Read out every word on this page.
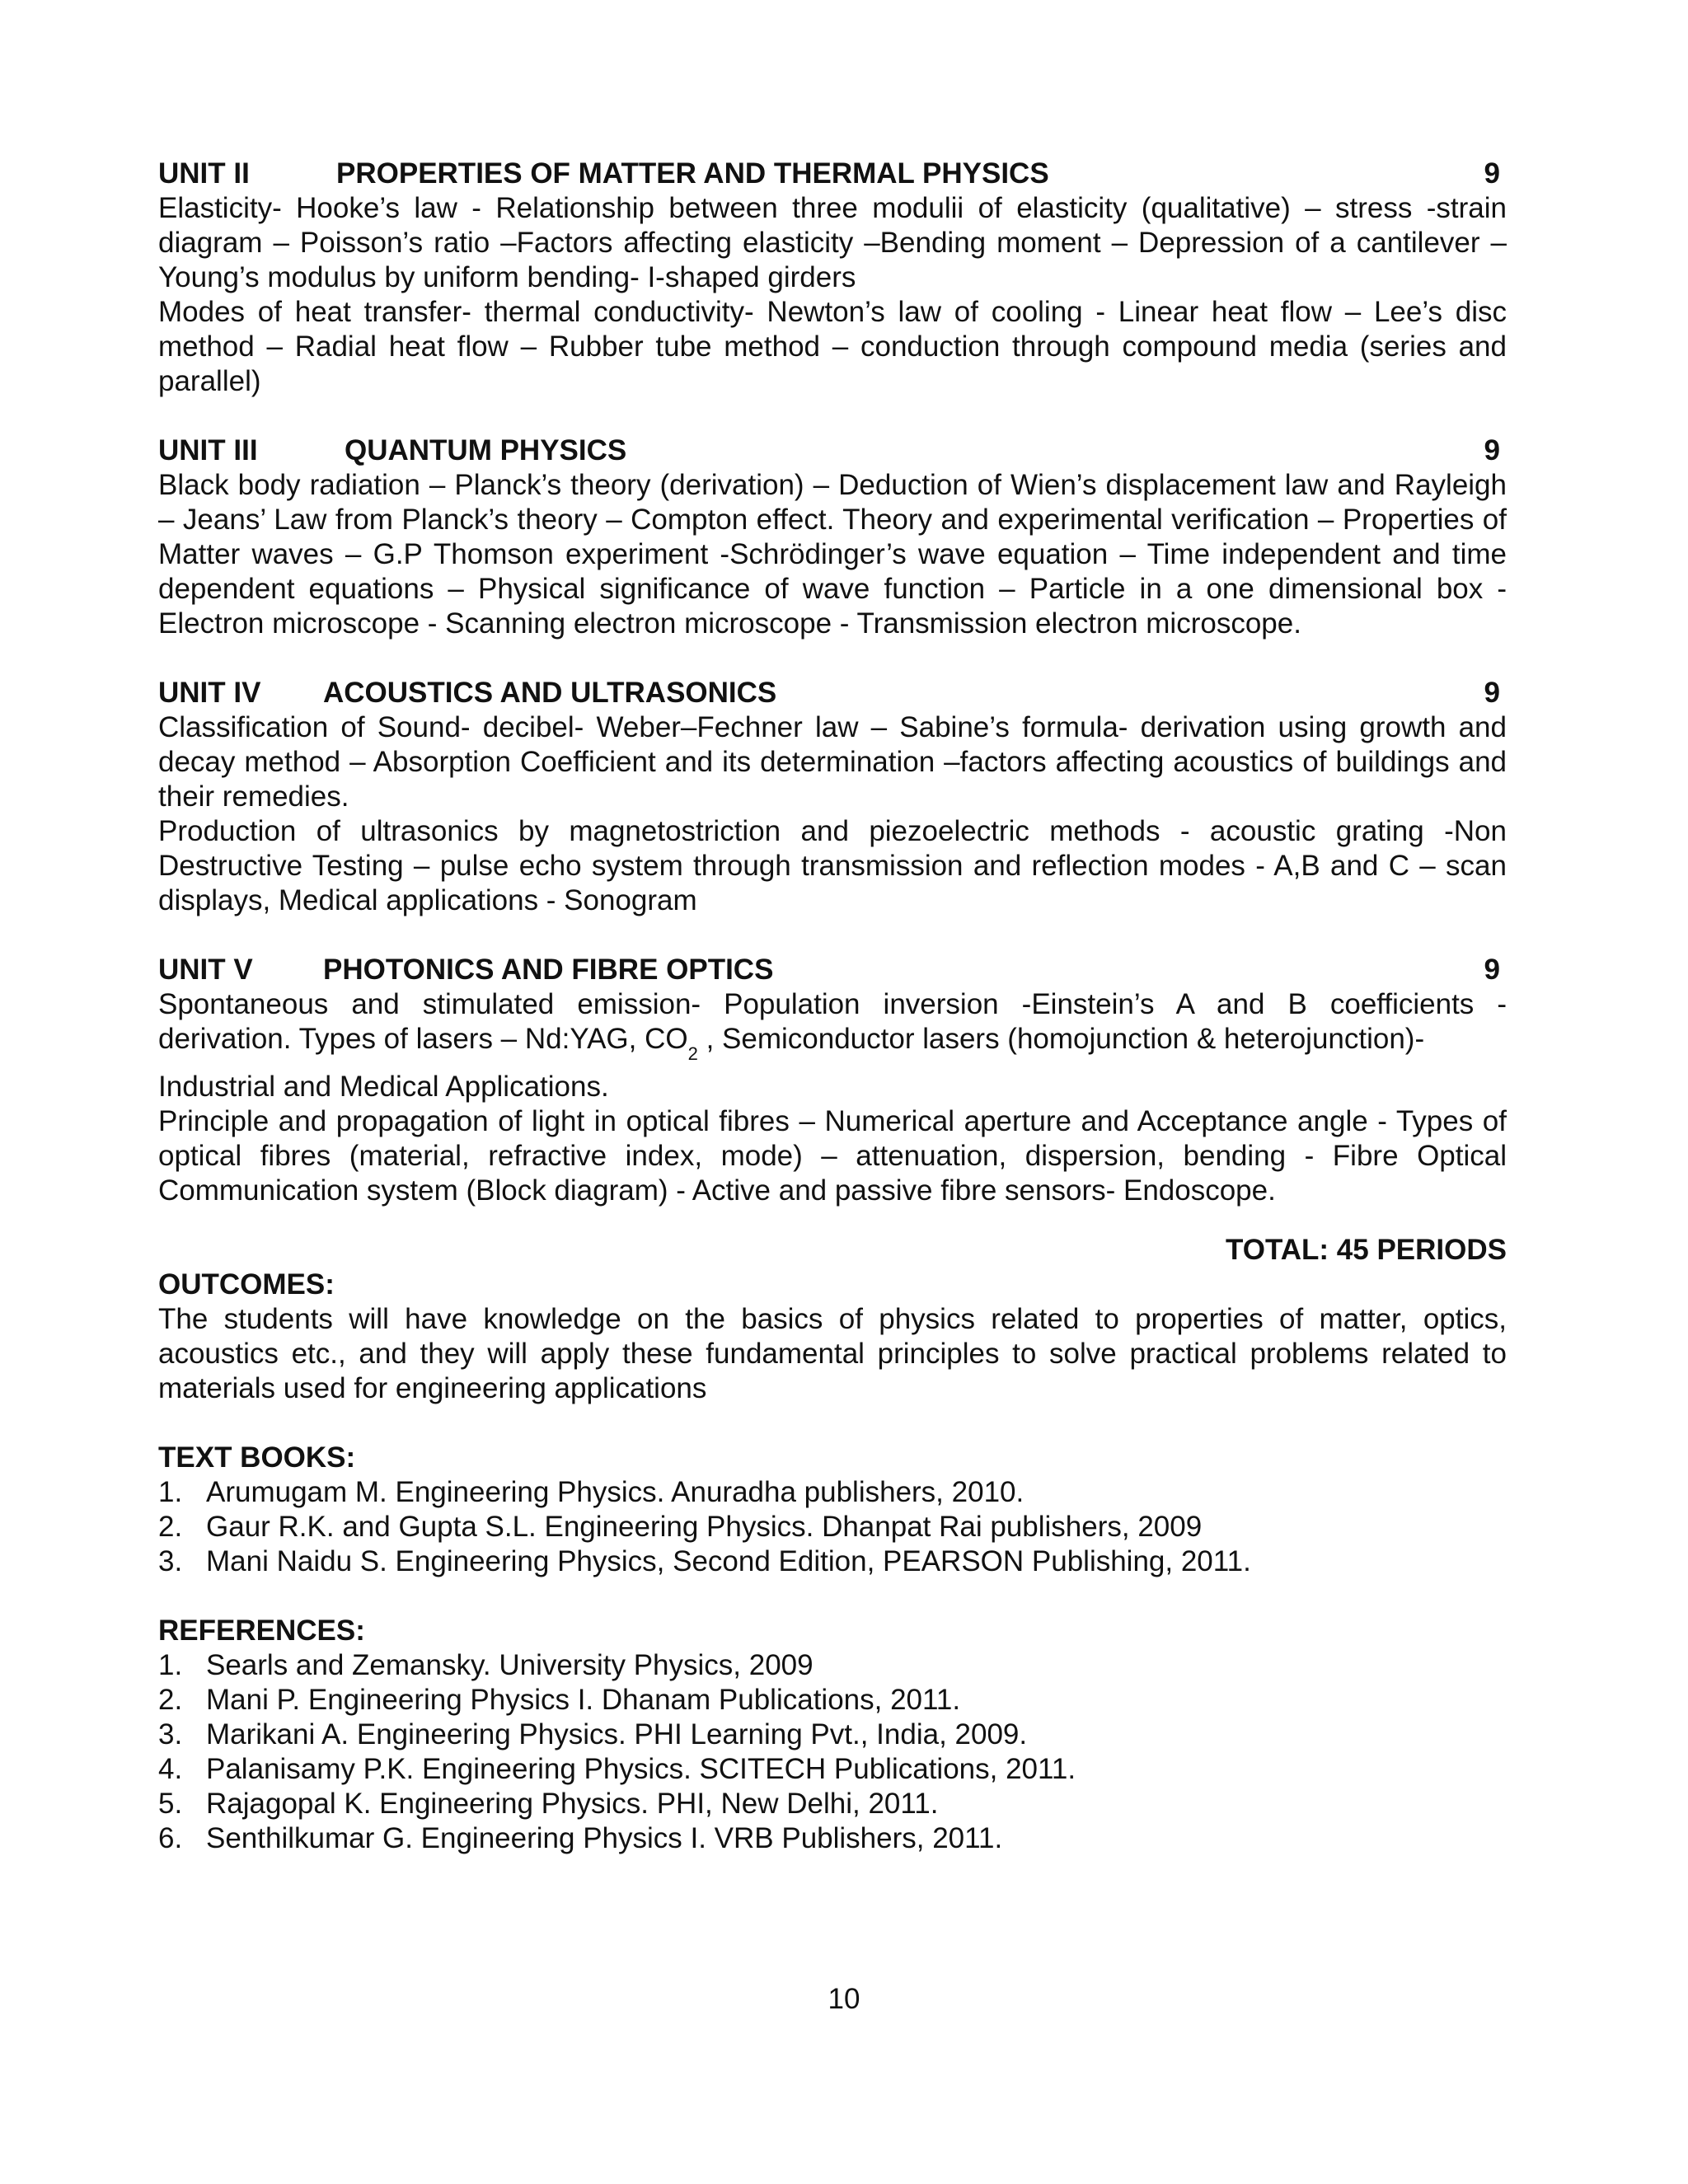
UNIT II	PROPERTIES OF MATTER AND THERMAL PHYSICS	9

Elasticity- Hooke’s law - Relationship between three modulii of elasticity (qualitative) – stress -strain diagram – Poisson’s ratio –Factors affecting elasticity –Bending moment – Depression of a cantilever –Young’s modulus by uniform bending- I-shaped girders

Modes of heat transfer- thermal conductivity- Newton’s law of cooling - Linear heat flow – Lee’s disc method – Radial heat flow – Rubber tube method – conduction through compound media (series and parallel)

UNIT III	QUANTUM PHYSICS	9

Black body radiation – Planck’s theory (derivation) – Deduction of Wien’s displacement law and Rayleigh – Jeans’ Law from Planck’s theory – Compton effect. Theory and experimental verification – Properties of Matter waves – G.P Thomson experiment -Schrödinger’s wave equation – Time independent and time dependent equations – Physical significance of wave function – Particle in a one dimensional box - Electron microscope - Scanning electron microscope - Transmission electron microscope.

UNIT IV ACOUSTICS AND ULTRASONICS	9

Classification of Sound- decibel- Weber–Fechner law – Sabine’s formula- derivation using growth and decay method – Absorption Coefficient and its determination –factors affecting acoustics of buildings and their remedies.

Production of ultrasonics by magnetostriction and piezoelectric methods - acoustic grating -Non Destructive Testing – pulse echo system through transmission and reflection modes - A,B and C – scan displays, Medical applications - Sonogram

UNIT V PHOTONICS AND FIBRE OPTICS	9

Spontaneous and stimulated emission- Population inversion -Einstein’s A and B coefficients -

derivation. Types of lasers – Nd:YAG, $CO_2$ , Semiconductor lasers (homojunction & heterojunction)-

Industrial and Medical Applications.

Principle and propagation of light in optical fibres – Numerical aperture and Acceptance angle - Types of optical fibres (material, refractive index, mode) – attenuation, dispersion, bending - Fibre Optical Communication system (Block diagram) - Active and passive fibre sensors- Endoscope.

TOTAL: 45 PERIODS
OUTCOMES:

The students will have knowledge on the basics of physics related to properties of matter, optics, acoustics etc., and they will apply these fundamental principles to solve practical problems related to materials used for engineering applications

TEXT BOOKS:
1. Arumugam M. Engineering Physics. Anuradha publishers, 2010.
2. Gaur R.K. and Gupta S.L. Engineering Physics. Dhanpat Rai publishers, 2009
3. Mani Naidu S. Engineering Physics, Second Edition, PEARSON Publishing, 2011.
REFERENCES:
1. Searls and Zemansky. University Physics, 2009
2. Mani P. Engineering Physics I. Dhanam Publications, 2011.
3. Marikani A. Engineering Physics. PHI Learning Pvt., India, 2009.
4. Palanisamy P.K. Engineering Physics. SCITECH Publications, 2011.
5. Rajagopal K. Engineering Physics. PHI, New Delhi, 2011.
6. Senthilkumar G. Engineering Physics I. VRB Publishers, 2011.
10
